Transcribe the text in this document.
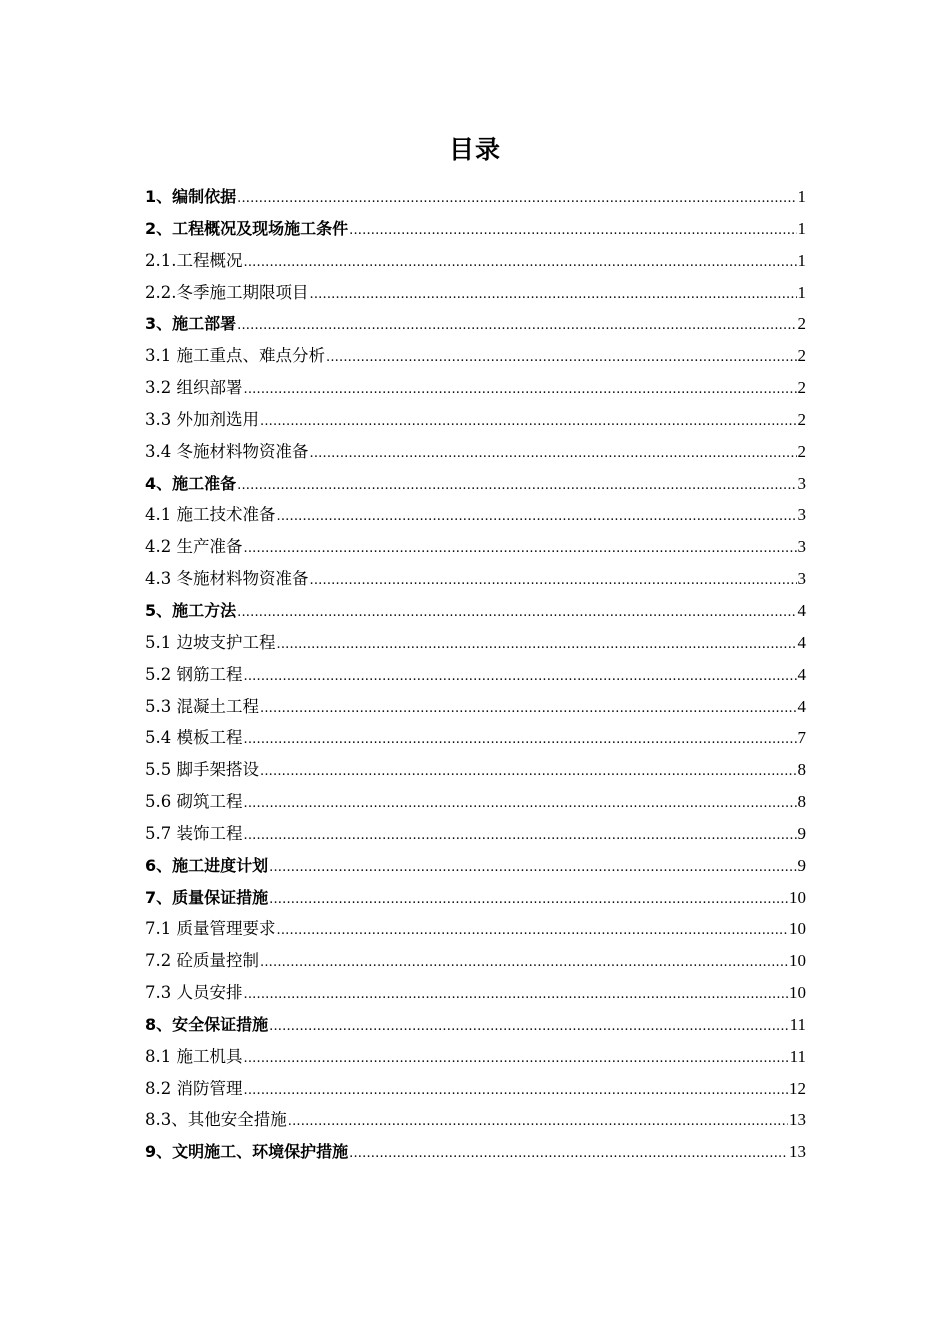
目录
1、编制依据 .....	1
2、工程概况及现场施工条件 .....	1
2.1.工程概况 .....	1
2.2.冬季施工期限项目 .....	1
3、施工部署 .....	2
3.1 施工重点、难点分析 .....	2
3.2 组织部署 .....	2
3.3 外加剂选用 .....	2
3.4 冬施材料物资准备 .....	2
4、施工准备 .....	3
4.1 施工技术准备 .....	3
4.2 生产准备 .....	3
4.3 冬施材料物资准备 .....	3
5、施工方法 .....	4
5.1 边坡支护工程 .....	4
5.2 钢筋工程 .....	4
5.3 混凝土工程 .....	4
5.4 模板工程 .....	7
5.5 脚手架搭设 .....	8
5.6 砌筑工程 .....	8
5.7 装饰工程 .....	9
6、施工进度计划 .....	9
7、质量保证措施 .....	10
7.1 质量管理要求 .....	10
7.2 砼质量控制 .....	10
7.3 人员安排 .....	10
8、安全保证措施 .....	11
8.1 施工机具 .....	11
8.2 消防管理 .....	12
8.3、其他安全措施 .....	13
9、文明施工、环境保护措施 .....	13
